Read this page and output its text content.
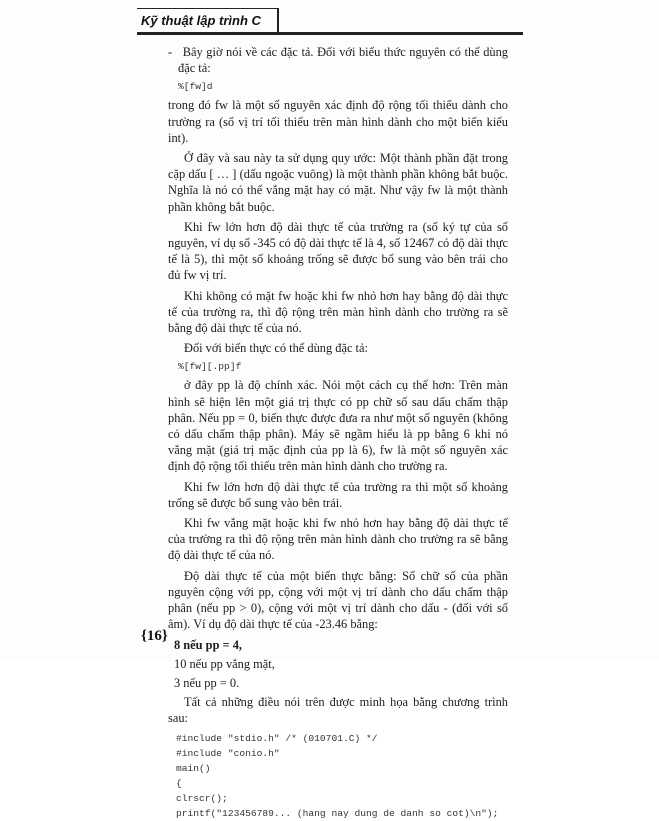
Kỹ thuật lập trình C

-   Bây giờ nói về các đặc tả. Đối với biểu thức nguyên có thể dùng đặc tả:

%[fw]d

trong đó fw là một số nguyên xác định độ rộng tối thiểu dành cho trường ra (số vị trí tối thiểu trên màn hình dành cho một biến kiểu int).

Ở đây và sau này ta sử dụng quy ước: Một thành phần đặt trong cặp dấu [ … ] (dấu ngoặc vuông) là một thành phần không bắt buộc. Nghĩa là nó có thể vắng mặt hay có mặt. Như vậy fw là một thành phần không bắt buộc.

Khi fw lớn hơn độ dài thực tế của trường ra (số ký tự của số nguyên, ví dụ số -345 có độ dài thực tế là 4, số 12467 có độ dài thực tế là 5), thì một số khoảng trống sẽ được bổ sung vào bên trái cho đủ fw vị trí.

Khi không có mặt fw hoặc khi fw nhỏ hơn hay bằng độ dài thực tế của trường ra, thì độ rộng trên màn hình dành cho trường ra sẽ bằng độ dài thực tế của nó.

Đối với biến thực có thể dùng đặc tả:

%[fw][.pp]f

ở đây pp là độ chính xác. Nói một cách cụ thể hơn: Trên màn hình sẽ hiện lên một giá trị thực có pp chữ số sau dấu chấm thập phân. Nếu pp = 0, biến thực được đưa ra như một số nguyên (không có dấu chấm thập phân). Máy sẽ ngầm hiểu là pp bằng 6 khi nó vắng mặt (giá trị mặc định của pp là 6), fw là một số nguyên xác định độ rộng tối thiểu trên màn hình dành cho trường ra.

Khi fw lớn hơn độ dài thực tế của trường ra thì một số khoảng trống sẽ được bổ sung vào bên trái.

Khi fw vắng mặt hoặc khi fw nhỏ hơn hay bằng độ dài thực tế của trường ra thì độ rộng trên màn hình dành cho trường ra sẽ bằng độ dài thực tế của nó.

Độ dài thực tế của một biến thực bằng: Số chữ số của phần nguyên cộng với pp, cộng với một vị trí dành cho dấu chấm thập phân (nếu pp > 0), cộng với một vị trí dành cho dấu - (đối với số âm). Ví dụ độ dài thực tế của -23.46 bằng:

8 nếu pp = 4,
10 nếu pp vắng mặt,
3 nếu pp = 0.

Tất cả những điều nói trên được minh họa bằng chương trình sau:

#include "stdio.h" /* (010701.C) */
#include "conio.h"
main()
{
clrscr();
printf("123456789... (hang nay dung de danh so cot)\n");
{16}
